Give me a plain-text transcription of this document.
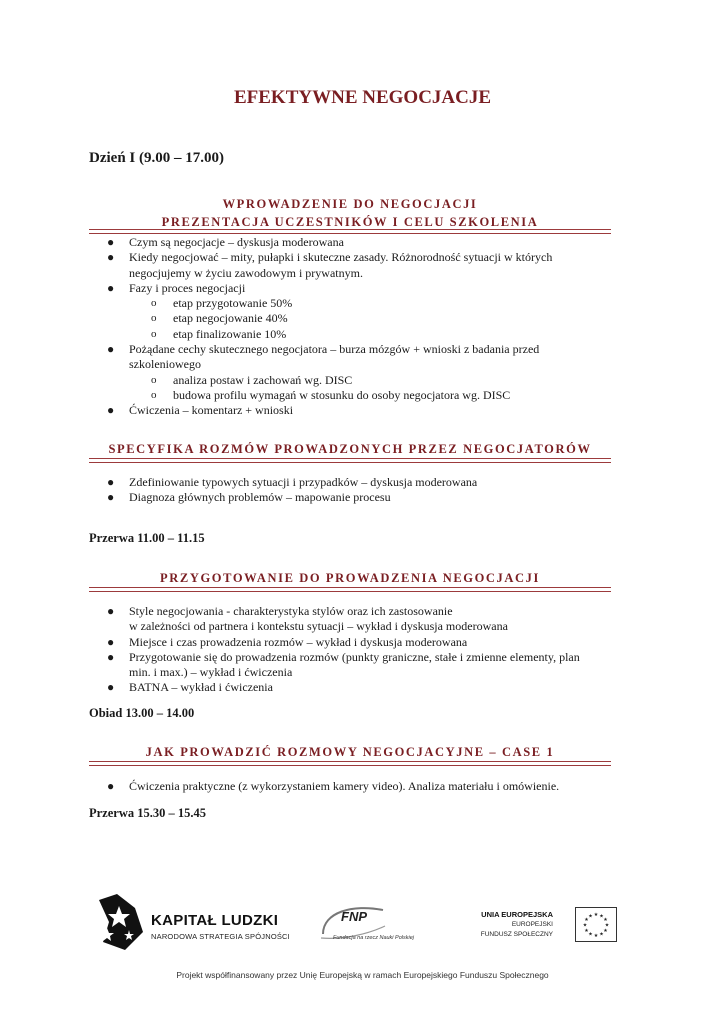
EFEKTYWNE NEGOCJACJE
Dzień I (9.00 – 17.00)
WPROWADZENIE DO NEGOCJACJI
PREZENTACJA UCZESTNIKÓW I CELU SZKOLENIA
● Czym są negocjacje – dyskusja moderowana
● Kiedy negocjować – mity, pułapki i skuteczne zasady. Różnorodność sytuacji w których
negocjujemy w życiu zawodowym i prywatnym.
● Fazy i proces negocjacji
o etap przygotowanie 50%
o etap negocjowanie 40%
o etap finalizowanie 10%
● Pożądane cechy skutecznego negocjatora – burza mózgów + wnioski z badania przed
szkoleniowego
o analiza postaw i zachowań wg. DISC
o budowa profilu wymagań w stosunku do osoby negocjatora wg. DISC
● Ćwiczenia – komentarz + wnioski
SPECYFIKA ROZMÓW PROWADZONYCH PRZEZ NEGOCJATORÓW
● Zdefiniowanie typowych sytuacji i przypadków – dyskusja moderowana
● Diagnoza głównych problemów – mapowanie procesu
Przerwa 11.00 – 11.15
PRZYGOTOWANIE DO PROWADZENIA NEGOCJACJI
● Style negocjowania - charakterystyka stylów oraz ich zastosowanie
w zależności od partnera i kontekstu sytuacji – wykład i dyskusja moderowana
● Miejsce i czas prowadzenia rozmów – wykład i dyskusja moderowana
● Przygotowanie się do prowadzenia rozmów (punkty graniczne, stałe i zmienne elementy, plan
min. i max.) – wykład i ćwiczenia
● BATNA – wykład i ćwiczenia
Obiad 13.00 – 14.00
JAK PROWADZIĆ ROZMOWY NEGOCJACYJNE – CASE 1
● Ćwiczenia praktyczne (z wykorzystaniem kamery video). Analiza materiału i omówienie.
Przerwa 15.30 – 15.45
KAPITAŁ LUDZKI
NARODOWA STRATEGIA SPÓJNOŚCI
FNP
Fundacja na rzecz Nauki Polskiej
UNIA EUROPEJSKA
EUROPEJSKI
FUNDUSZ SPOŁECZNY
★ ★
★
★
★
★
★
★
★
★
★
★
Projekt współfinansowany przez Unię Europejską w ramach Europejskiego Funduszu Społecznego
